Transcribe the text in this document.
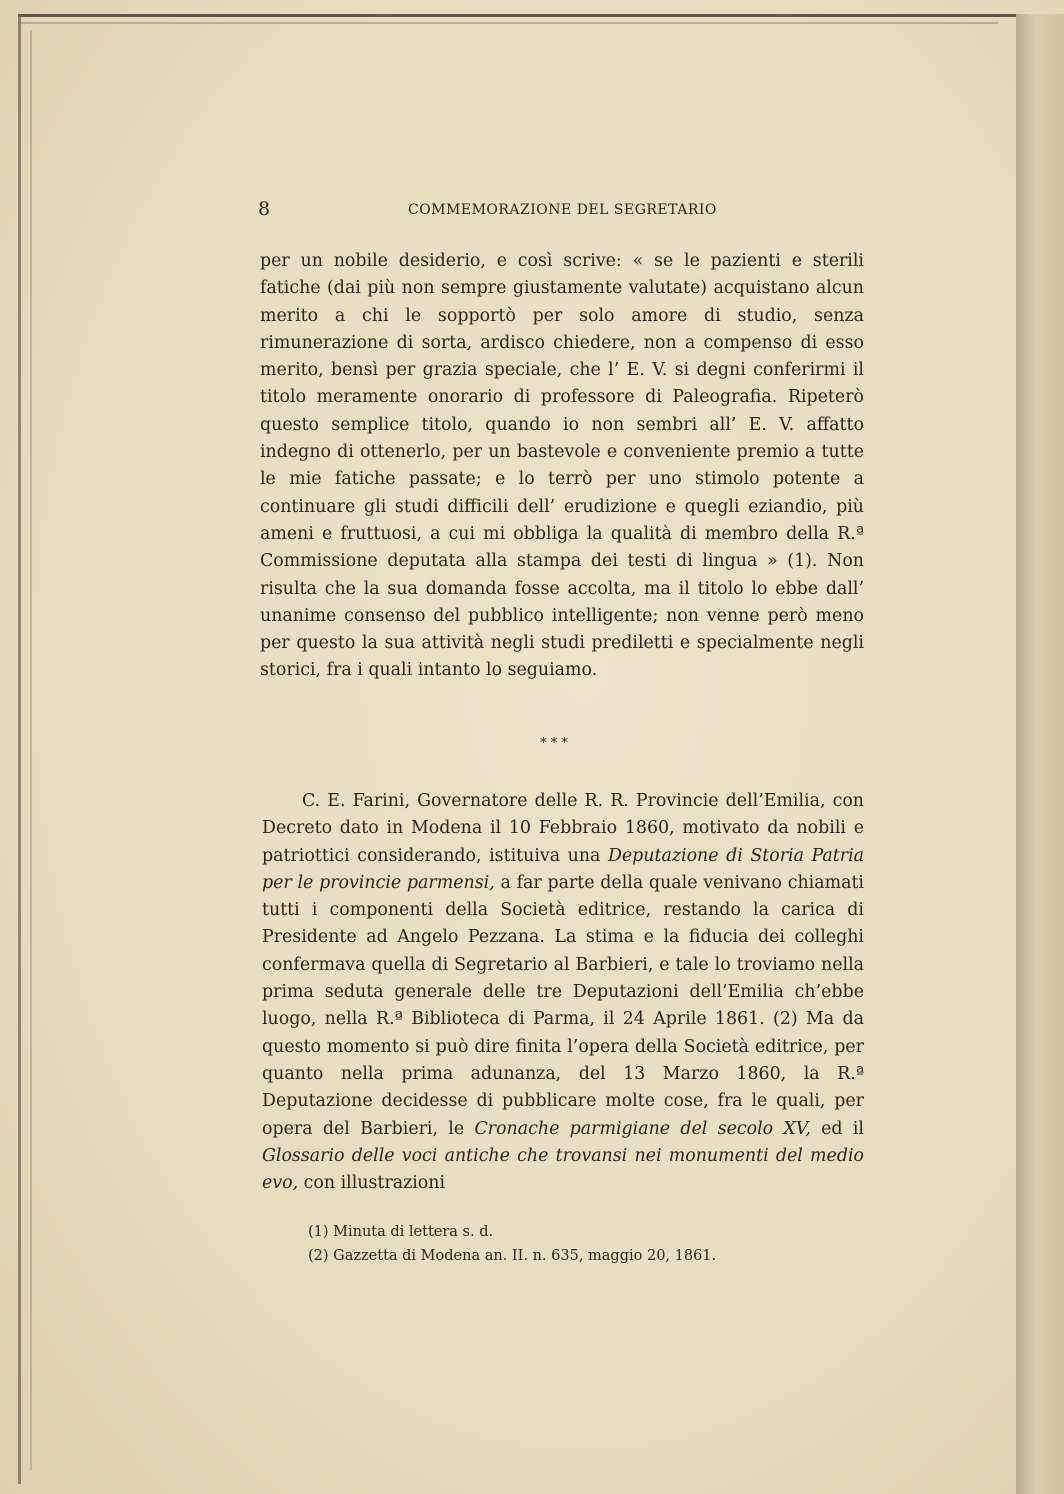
8	COMMEMORAZIONE DEL SEGRETARIO

per un nobile desiderio, e così scrive: « se le pazienti e sterili fatiche (dai più non sempre giustamente valutate) acquistano alcun merito a chi le sopportò per solo amore di studio, senza rimunerazione di sorta, ardisco chiedere, non a compenso di esso merito, bensì per grazia speciale, che l’ E. V. si degni conferirmi il titolo meramente onorario di professore di Paleografia. Ripeterò questo semplice titolo, quando io non sembri all’ E. V. affatto indegno di ottenerlo, per un bastevole e conveniente premio a tutte le mie fatiche passate; e lo terrò per uno stimolo potente a continuare gli studi difficili dell’ erudizione e quegli eziandio, più ameni e fruttuosi, a cui mi obbliga la qualità di membro della R.ª Commissione deputata alla stampa dei testi di lingua » (1). Non risulta che la sua domanda fosse accolta, ma il titolo lo ebbe dall’ unanime consenso del pubblico intelligente; non venne però meno per questo la sua attività negli studi prediletti e specialmente negli storici, fra i quali intanto lo seguiamo.

* * *

C. E. Farini, Governatore delle R. R. Provincie dell’Emilia, con Decreto dato in Modena il 10 Febbraio 1860, motivato da nobili e patriottici considerando, istituiva una Deputazione di Storia Patria per le provincie parmensi, a far parte della quale venivano chiamati tutti i componenti della Società editrice, restando la carica di Presidente ad Angelo Pezzana. La stima e la fiducia dei colleghi confermava quella di Segretario al Barbieri, e tale lo troviamo nella prima seduta generale delle tre Deputazioni dell’Emilia ch’ebbe luogo, nella R.ª Biblioteca di Parma, il 24 Aprile 1861. (2) Ma da questo momento si può dire finita l’opera della Società editrice, per quanto nella prima adunanza, del 13 Marzo 1860, la R.ª Deputazione decidesse di pubblicare molte cose, fra le quali, per opera del Barbieri, le Cronache parmigiane del secolo XV, ed il Glossario delle voci antiche che trovansi nei monumenti del medio evo, con illustrazioni

(1) Minuta di lettera s. d.
(2) Gazzetta di Modena an. II. n. 635, maggio 20, 1861.
